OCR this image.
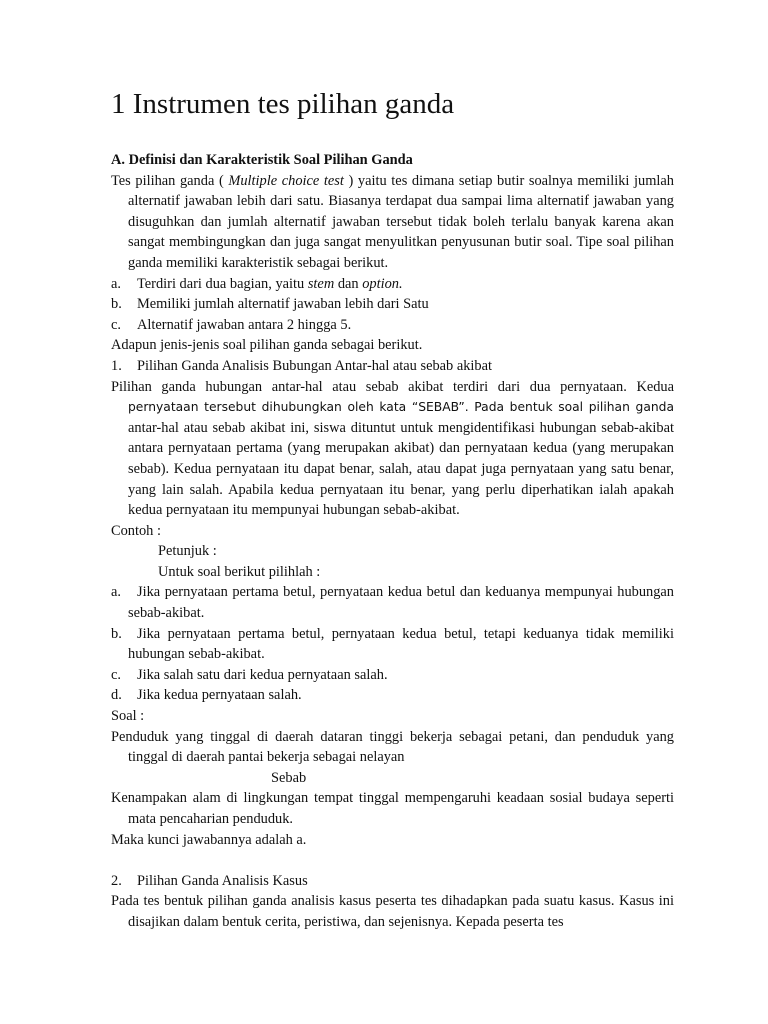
1 Instrumen tes pilihan ganda

A. Definisi dan Karakteristik Soal Pilihan Ganda

Tes pilihan ganda ( Multiple choice test ) yaitu tes dimana setiap butir soalnya memiliki jumlah alternatif jawaban lebih dari satu. Biasanya terdapat dua sampai lima alternatif jawaban yang disuguhkan dan jumlah alternatif jawaban tersebut tidak boleh terlalu banyak karena akan sangat membingungkan dan juga sangat menyulitkan penyusunan butir soal. Tipe soal pilihan ganda memiliki karakteristik sebagai berikut.

a. Terdiri dari dua bagian, yaitu stem dan option.

b. Memiliki jumlah alternatif jawaban lebih dari Satu

c. Alternatif jawaban antara 2 hingga 5.

Adapun jenis-jenis soal pilihan ganda sebagai berikut.

1. Pilihan Ganda Analisis Bubungan Antar-hal atau sebab akibat

Pilihan ganda hubungan antar-hal atau sebab akibat terdiri dari dua pernyataan. Kedua pernyataan tersebut dihubungkan oleh kata “SEBAB”. Pada bentuk soal pilihan ganda antar-hal atau sebab akibat ini, siswa dituntut untuk mengidentifikasi hubungan sebab-akibat antara pernyataan pertama (yang merupakan akibat) dan pernyataan kedua (yang merupakan sebab). Kedua pernyataan itu dapat benar, salah, atau dapat juga pernyataan yang satu benar, yang lain salah. Apabila kedua pernyataan itu benar, yang perlu diperhatikan ialah apakah kedua pernyataan itu mempunyai hubungan sebab-akibat.

Contoh :

Petunjuk :

Untuk soal berikut pilihlah :

a. Jika pernyataan pertama betul, pernyataan kedua betul dan keduanya mempunyai hubungan sebab-akibat.

b. Jika pernyataan pertama betul, pernyataan kedua betul, tetapi keduanya tidak memiliki hubungan sebab-akibat.

c. Jika salah satu dari kedua pernyataan salah.

d. Jika kedua pernyataan salah.

Soal :

Penduduk yang tinggal di daerah dataran tinggi bekerja sebagai petani, dan penduduk yang tinggal di daerah pantai bekerja sebagai nelayan

Sebab

Kenampakan alam di lingkungan tempat tinggal mempengaruhi keadaan sosial budaya seperti mata pencaharian penduduk.

Maka kunci jawabannya adalah a.

2. Pilihan Ganda Analisis Kasus

Pada tes bentuk pilihan ganda analisis kasus peserta tes dihadapkan pada suatu kasus. Kasus ini disajikan dalam bentuk cerita, peristiwa, dan sejenisnya. Kepada peserta tes
